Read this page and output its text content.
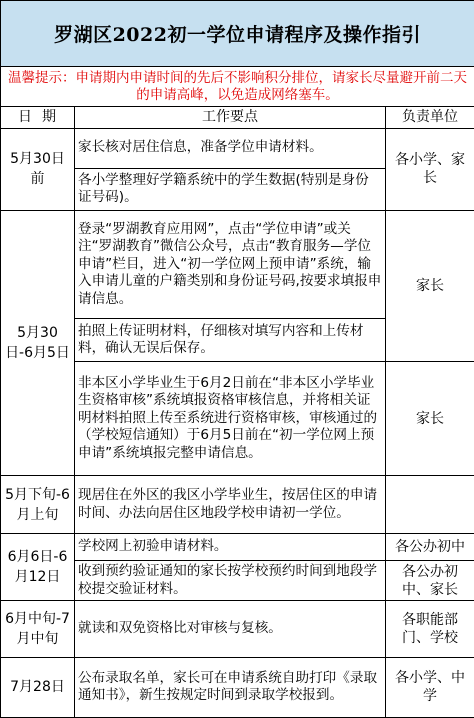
罗湖区2022初一学位申请程序及操作指引		
温馨提示：申请期内申请时间的先后不影响积分排位，请家长尽量避开前二天的申请高峰，以免造成网络塞车。		
日期	工作要点	负责单位
5月30日前	家长核对居住信息，准备学位申请材料。	各小学、家长
	各小学整理好学籍系统中的学生数据(特别是身份证号码)。	
5月30日-6月5日	登录“罗湖教育应用网”，点击“学位申请”或关注“罗湖教育”微信公众号，点击“教育服务—学位申请”栏目，进入“初一学位网上预申请”系统，输入申请儿童的户籍类别和身份证号码,按要求填报申请信息。	家长
	拍照上传证明材料，仔细核对填写内容和上传材料，确认无误后保存。	
	非本区小学毕业生于6月2日前在“非本区小学毕业生资格审核”系统填报资格审核信息，并将相关证明材料拍照上传至系统进行资格审核，审核通过的（学校短信通知）于6月5日前在“初一学位网上预申请”系统填报完整申请信息。	家长
5月下旬-6月上旬	现居住在外区的我区小学毕业生，按居住区的申请时间、办法向居住区地段学校申请初一学位。	
6月6日-6月12日	学校网上初验申请材料。	各公办初中
	收到预约验证通知的家长按学校预约时间到地段学校提交验证材料。	各公办初中、家长
6月中旬-7月中旬	就读和双免资格比对审核与复核。	各职能部门、学校
7月28日	公布录取名单，家长可在申请系统自助打印《录取通知书》，新生按规定时间到录取学校报到。	各小学、中学
